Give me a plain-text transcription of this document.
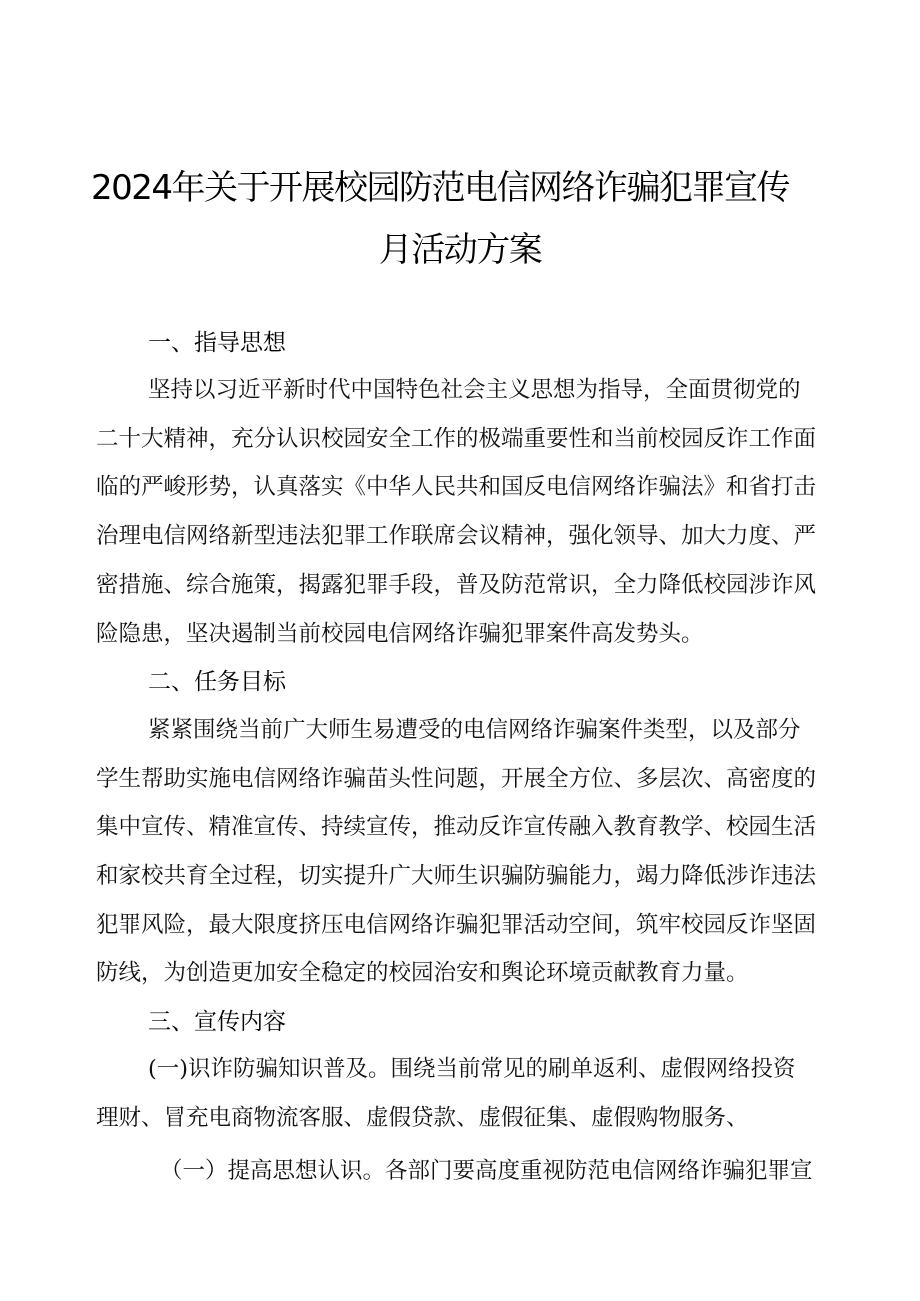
2024年关于开展校园防范电信网络诈骗犯罪宣传
月活动方案
一、指导思想
坚持以习近平新时代中国特色社会主义思想为指导，全面贯彻党的
二十大精神，充分认识校园安全工作的极端重要性和当前校园反诈工作面
临的严峻形势，认真落实《中华人民共和国反电信网络诈骗法》和省打击
治理电信网络新型违法犯罪工作联席会议精神，强化领导、加大力度、严
密措施、综合施策，揭露犯罪手段，普及防范常识，全力降低校园涉诈风
险隐患，坚决遏制当前校园电信网络诈骗犯罪案件高发势头。
二、任务目标
紧紧围绕当前广大师生易遭受的电信网络诈骗案件类型，以及部分
学生帮助实施电信网络诈骗苗头性问题，开展全方位、多层次、高密度的
集中宣传、精准宣传、持续宣传，推动反诈宣传融入教育教学、校园生活
和家校共育全过程，切实提升广大师生识骗防骗能力，竭力降低涉诈违法
犯罪风险，最大限度挤压电信网络诈骗犯罪活动空间，筑牢校园反诈坚固
防线，为创造更加安全稳定的校园治安和舆论环境贡献教育力量。
三、宣传内容
(一)识诈防骗知识普及。围绕当前常见的刷单返利、虚假网络投资
理财、冒充电商物流客服、虚假贷款、虚假征集、虚假购物服务、
（一）提高思想认识。各部门要高度重视防范电信网络诈骗犯罪宣
